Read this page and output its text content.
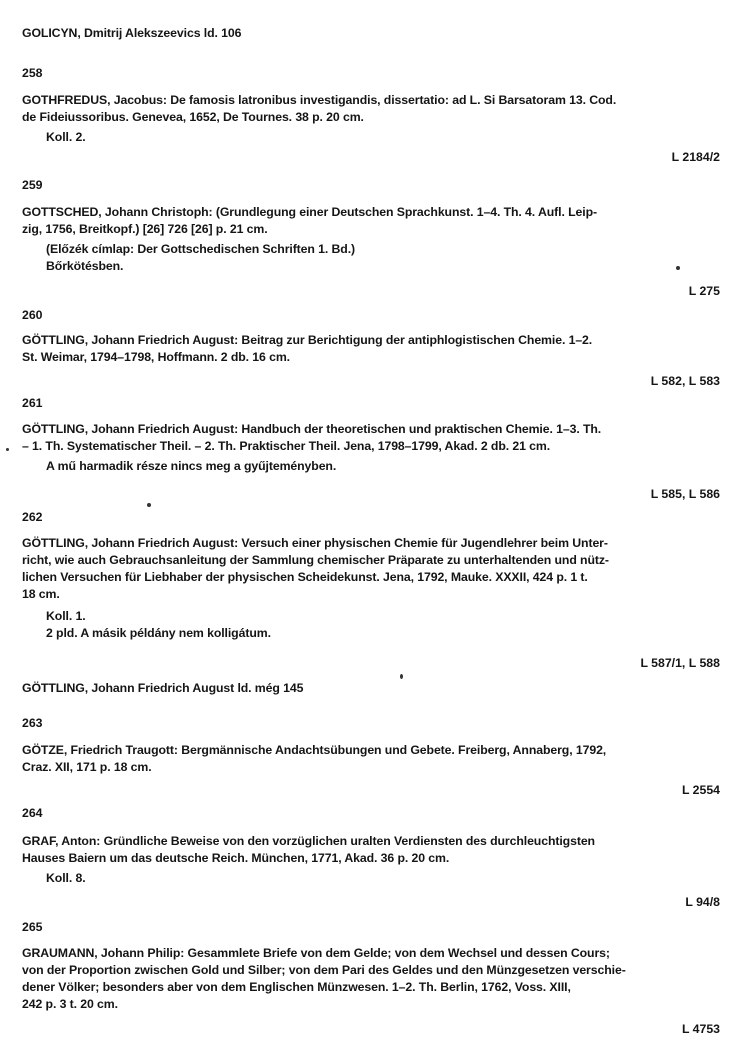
GOLICYN, Dmitrij Alekszeevics ld. 106
258
GOTHFREDUS, Jacobus: De famosis latronibus investigandis, dissertatio: ad L. Si Barsatoram 13. Cod.
de Fideiussoribus. Genevea, 1652, De Tournes. 38 p. 20 cm.
Koll. 2.
L 2184/2
259
GOTTSCHED, Johann Christoph: (Grundlegung einer Deutschen Sprachkunst. 1–4. Th. 4. Aufl. Leip-
zig, 1756, Breitkopf.) [26] 726 [26] p. 21 cm.
(Előzék címlap: Der Gottschedischen Schriften 1. Bd.)
Bőrkötésben.
L 275
260
GÖTTLING, Johann Friedrich August: Beitrag zur Berichtigung der antiphlogistischen Chemie. 1–2.
St. Weimar, 1794–1798, Hoffmann. 2 db. 16 cm.
L 582, L 583
261
GÖTTLING, Johann Friedrich August: Handbuch der theoretischen und praktischen Chemie. 1–3. Th.
– 1. Th. Systematischer Theil. – 2. Th. Praktischer Theil. Jena, 1798–1799, Akad. 2 db. 21 cm.
A mű harmadik része nincs meg a gyűjteményben.
L 585, L 586
262
GÖTTLING, Johann Friedrich August: Versuch einer physischen Chemie für Jugendlehrer beim Unter-
richt, wie auch Gebrauchsanleitung der Sammlung chemischer Präparate zu unterhaltenden und nütz-
lichen Versuchen für Liebhaber der physischen Scheidekunst. Jena, 1792, Mauke. XXXII, 424 p. 1 t.
18 cm.
Koll. 1.
2 pld. A másik példány nem kolligátum.
L 587/1, L 588
GÖTTLING, Johann Friedrich August ld. még 145
263
GÖTZE, Friedrich Traugott: Bergmännische Andachtsübungen und Gebete. Freiberg, Annaberg, 1792,
Craz. XII, 171 p. 18 cm.
L 2554
264
GRAF, Anton: Gründliche Beweise von den vorzüglichen uralten Verdiensten des durchleuchtigsten
Hauses Baiern um das deutsche Reich. München, 1771, Akad. 36 p. 20 cm.
Koll. 8.
L 94/8
265
GRAUMANN, Johann Philip: Gesammlete Briefe von dem Gelde; von dem Wechsel und dessen Cours;
von der Proportion zwischen Gold und Silber; von dem Pari des Geldes und den Münzgesetzen verschie-
dener Völker; besonders aber von dem Englischen Münzwesen. 1–2. Th. Berlin, 1762, Voss. XIII,
242 p. 3 t. 20 cm.
L 4753
